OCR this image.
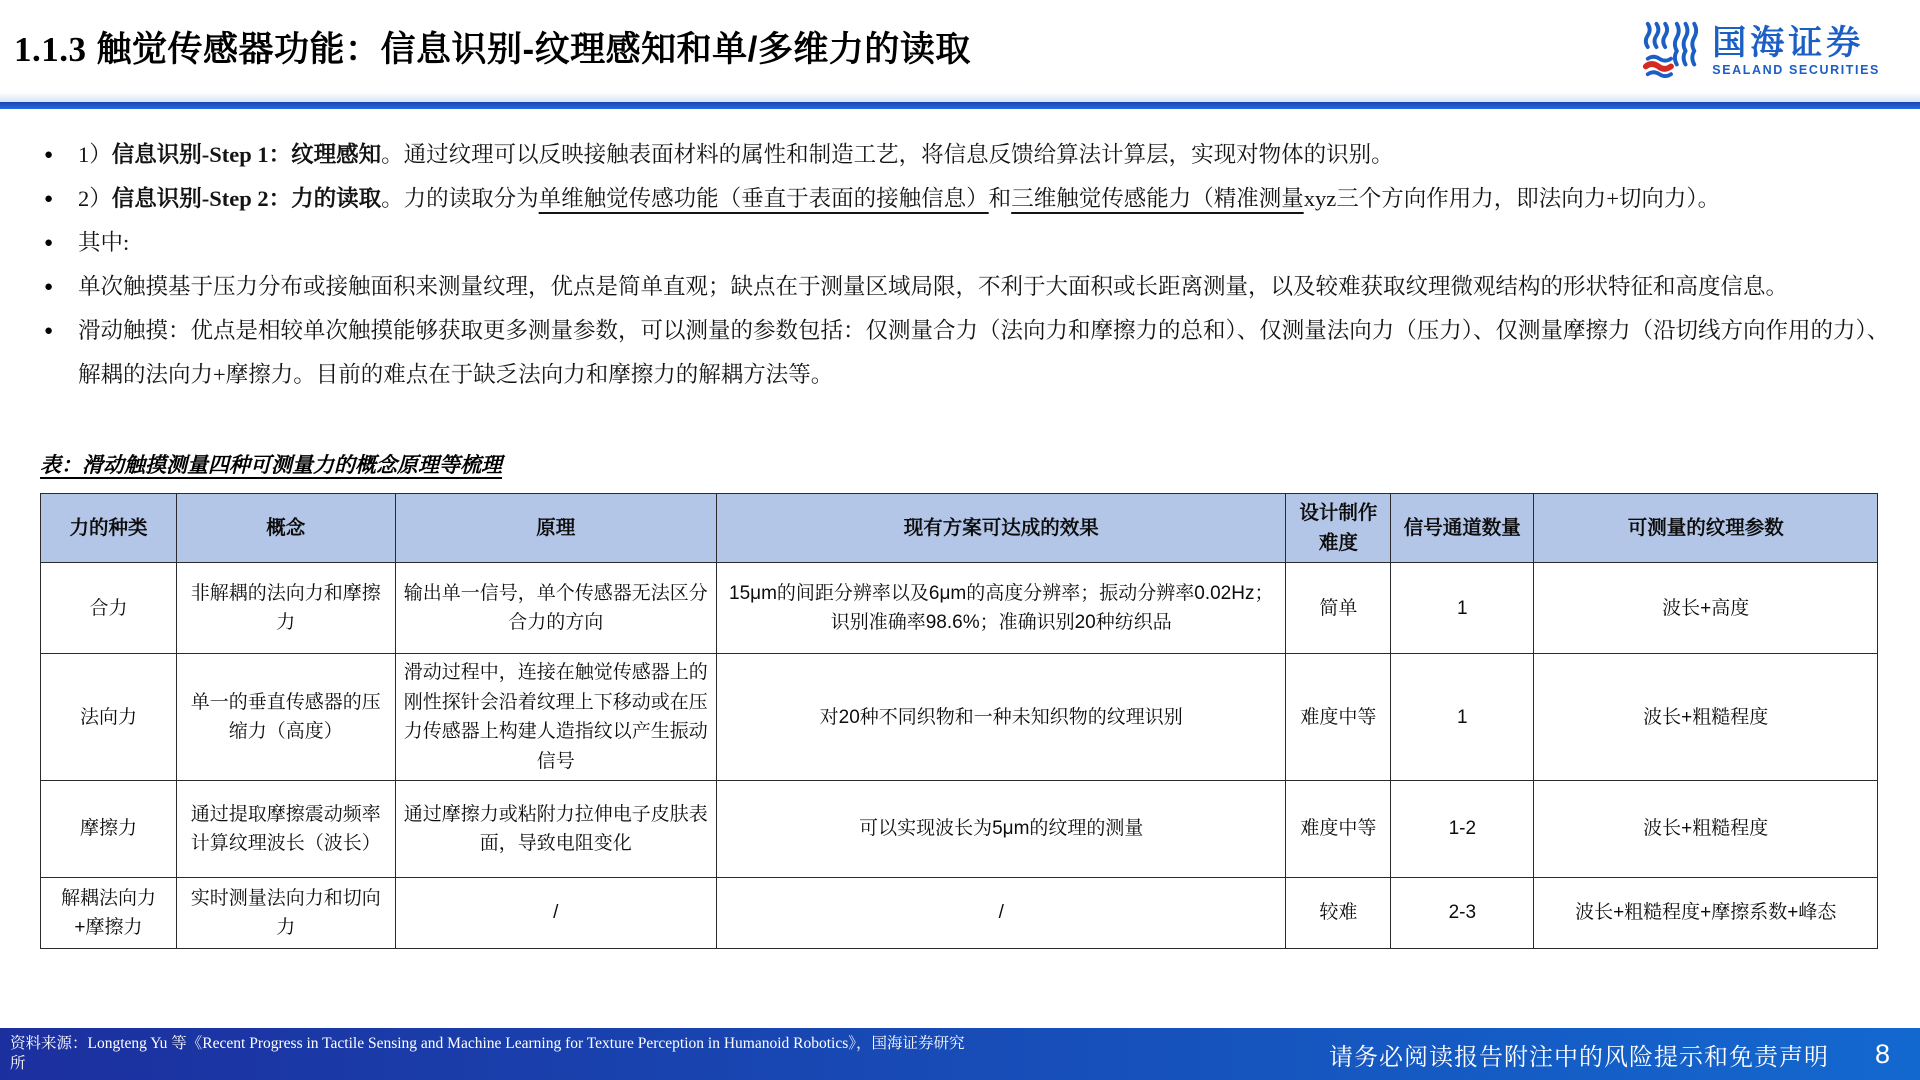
1.1.3 触觉传感器功能：信息识别-纹理感知和单/多维力的读取	国海证券
SEALAND SECURITIES
● 1）信息识别-Step 1：纹理感知。通过纹理可以反映接触表面材料的属性和制造工艺，将信息反馈给算法计算层，实现对物体的识别。
● 2）信息识别-Step 2：力的读取。力的读取分为单维触觉传感功能（垂直于表面的接触信息）和三维触觉传感能力（精准测量xyz三个方向作用力，即法向力+切向力）。
● 其中:
● 单次触摸基于压力分布或接触面积来测量纹理，优点是简单直观；缺点在于测量区域局限，不利于大面积或长距离测量，以及较难获取纹理微观结构的形状特征和高度信息。
● 滑动触摸：优点是相较单次触摸能够获取更多测量参数，可以测量的参数包括：仅测量合力（法向力和摩擦力的总和）、仅测量法向力（压力）、仅测量摩擦力（沿切线方向作用的力）、解耦的法向力+摩擦力。目前的难点在于缺乏法向力和摩擦力的解耦方法等。
表：滑动触摸测量四种可测量力的概念原理等梳理
力的种类	概念	原理	现有方案可达成的效果	设计制作难度	信号通道数量	可测量的纹理参数
合力	非解耦的法向力和摩擦力	输出单一信号，单个传感器无法区分合力的方向	15μm的间距分辨率以及6μm的高度分辨率；振动分辨率0.02Hz；识别准确率98.6%；准确识别20种纺织品	简单	1	波长+高度
法向力	单一的垂直传感器的压缩力（高度）	滑动过程中，连接在触觉传感器上的刚性探针会沿着纹理上下移动或在压力传感器上构建人造指纹以产生振动信号	对20种不同织物和一种未知织物的纹理识别	难度中等	1	波长+粗糙程度
摩擦力	通过提取摩擦震动频率计算纹理波长（波长）	通过摩擦力或粘附力拉伸电子皮肤表面，导致电阻变化	可以实现波长为5μm的纹理的测量	难度中等	1-2	波长+粗糙程度
解耦法向力+摩擦力	实时测量法向力和切向力	/	/	较难	2-3	波长+粗糙程度+摩擦系数+峰态
资料来源：Longteng Yu 等《Recent Progress in Tactile Sensing and Machine Learning for Texture Perception in Humanoid Robotics》，国海证券研究所	请务必阅读报告附注中的风险提示和免责声明 8
